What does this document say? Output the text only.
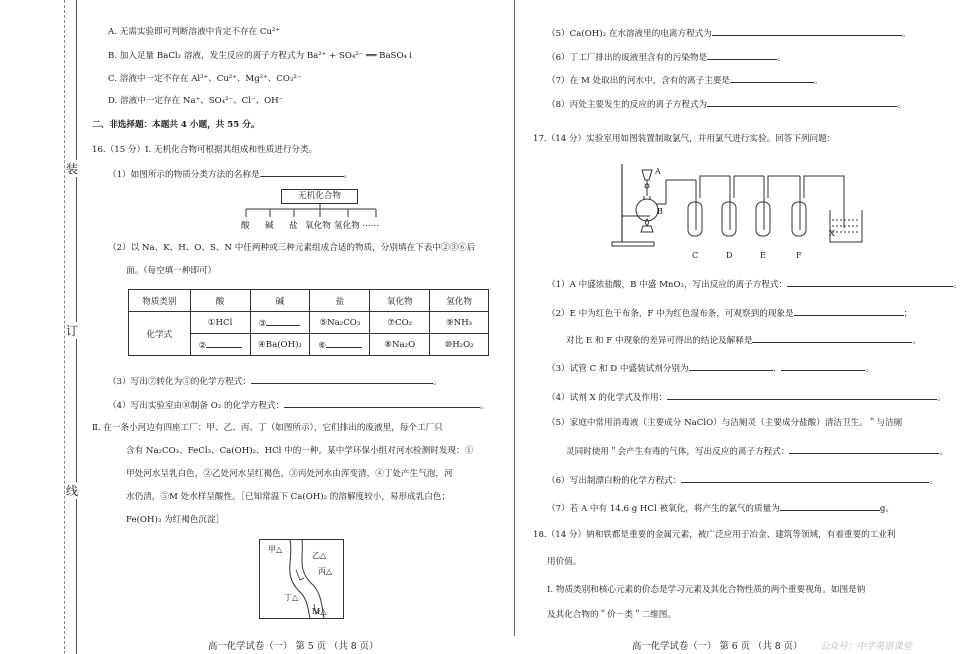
装
订
线
A. 无需实验即可判断溶液中肯定不存在 Cu²⁺
B. 加入足量 BaCl₂ 溶液，发生反应的离子方程式为 Ba²⁺ + SO₄²⁻ ══ BaSO₄↓
C. 溶液中一定不存在 Al³⁺、Cu²⁺、Mg²⁺、CO₃²⁻
D. 溶液中一定存在 Na⁺、SO₄²⁻、Cl⁻、OH⁻
二、非选择题：本题共 4 小题，共 55 分。
16.（15 分）Ⅰ. 无机化合物可根据其组成和性质进行分类。
（1）如图所示的物质分类方法的名称是	。
无机化合物
酸 碱 盐 氧化物 氢化物 ……
（2）以 Na、K、H、O、S、N 中任两种或三种元素组成合适的物质，分别填在下表中②③⑥后
面。（每空填一种即可）
物质类别	酸	碱	盐	氧化物	氢化物
化学式	①HCl	③	⑤Na₂CO₃	⑦CO₂	⑨NH₃
	②	④Ba(OH)₂	⑥	⑧Na₂O	⑩H₂O₂
（3）写出⑦转化为⑤的化学方程式：	。
（4）写出实验室由⑩制备 O₂ 的化学方程式：	。
Ⅱ. 在一条小河边有四座工厂：甲、乙、丙、丁（如图所示），它们排出的废液里，每个工厂只
含有 Na₂CO₃、FeCl₃、Ca(OH)₂、HCl 中的一种。某中学环保小组对河水检测时发现：①
甲处河水呈乳白色，②乙处河水呈红褐色，③丙处河水由浑变清，④丁处产生气泡，河
水仍清，⑤M 处水样呈酸性。［已知常温下 Ca(OH)₂ 的溶解度较小，易形成乳白色；
Fe(OH)₃ 为红褐色沉淀］
甲△
乙△
丙△
丁△
M△
高一化学试卷（一） 第 5 页 （共 8 页）
（5）Ca(OH)₂ 在水溶液里的电离方程式为	。
（6）丁工厂排出的废液里含有的污染物是	。
（7）在 M 处取出的河水中，含有的离子主要是	。
（8）丙处主要发生的反应的离子方程式为	。
17.（14 分）实验室用如图装置制取氯气，并用氯气进行实验。回答下列问题：
A
B
C	D	E	F
X
（1）A 中盛浓盐酸，B 中盛 MnO₂，写出反应的离子方程式：	。
（2）E 中为红色干布条，F 中为红色湿布条，可观察到的现象是	；
对比 E 和 F 中现象的差异可得出的结论及解释是	。
（3）试管 C 和 D 中盛装试剂分别为	、	。
（4）试剂 X 的化学式及作用：	。
（5）家庭中常用消毒液（主要成分 NaClO）与洁厕灵（主要成分盐酸）清洁卫生。＂与洁厕
灵同时使用＂会产生有毒的气体，写出反应的离子方程式：	。
（6）写出制漂白粉的化学方程式：	。
（7）若 A 中有 14.6 g HCl 被氧化，将产生的氯气的质量为	g。
18.（14 分）钠和铁都是重要的金属元素，被广泛应用于冶金、建筑等领域，有着重要的工业利
用价值。
Ⅰ. 物质类别和核心元素的价态是学习元素及其化合物性质的两个重要视角。如图是钠
及其化合物的＂价－类＂二维图。
高一化学试卷（一） 第 6 页 （共 8 页） 公众号：中学英语课堂
